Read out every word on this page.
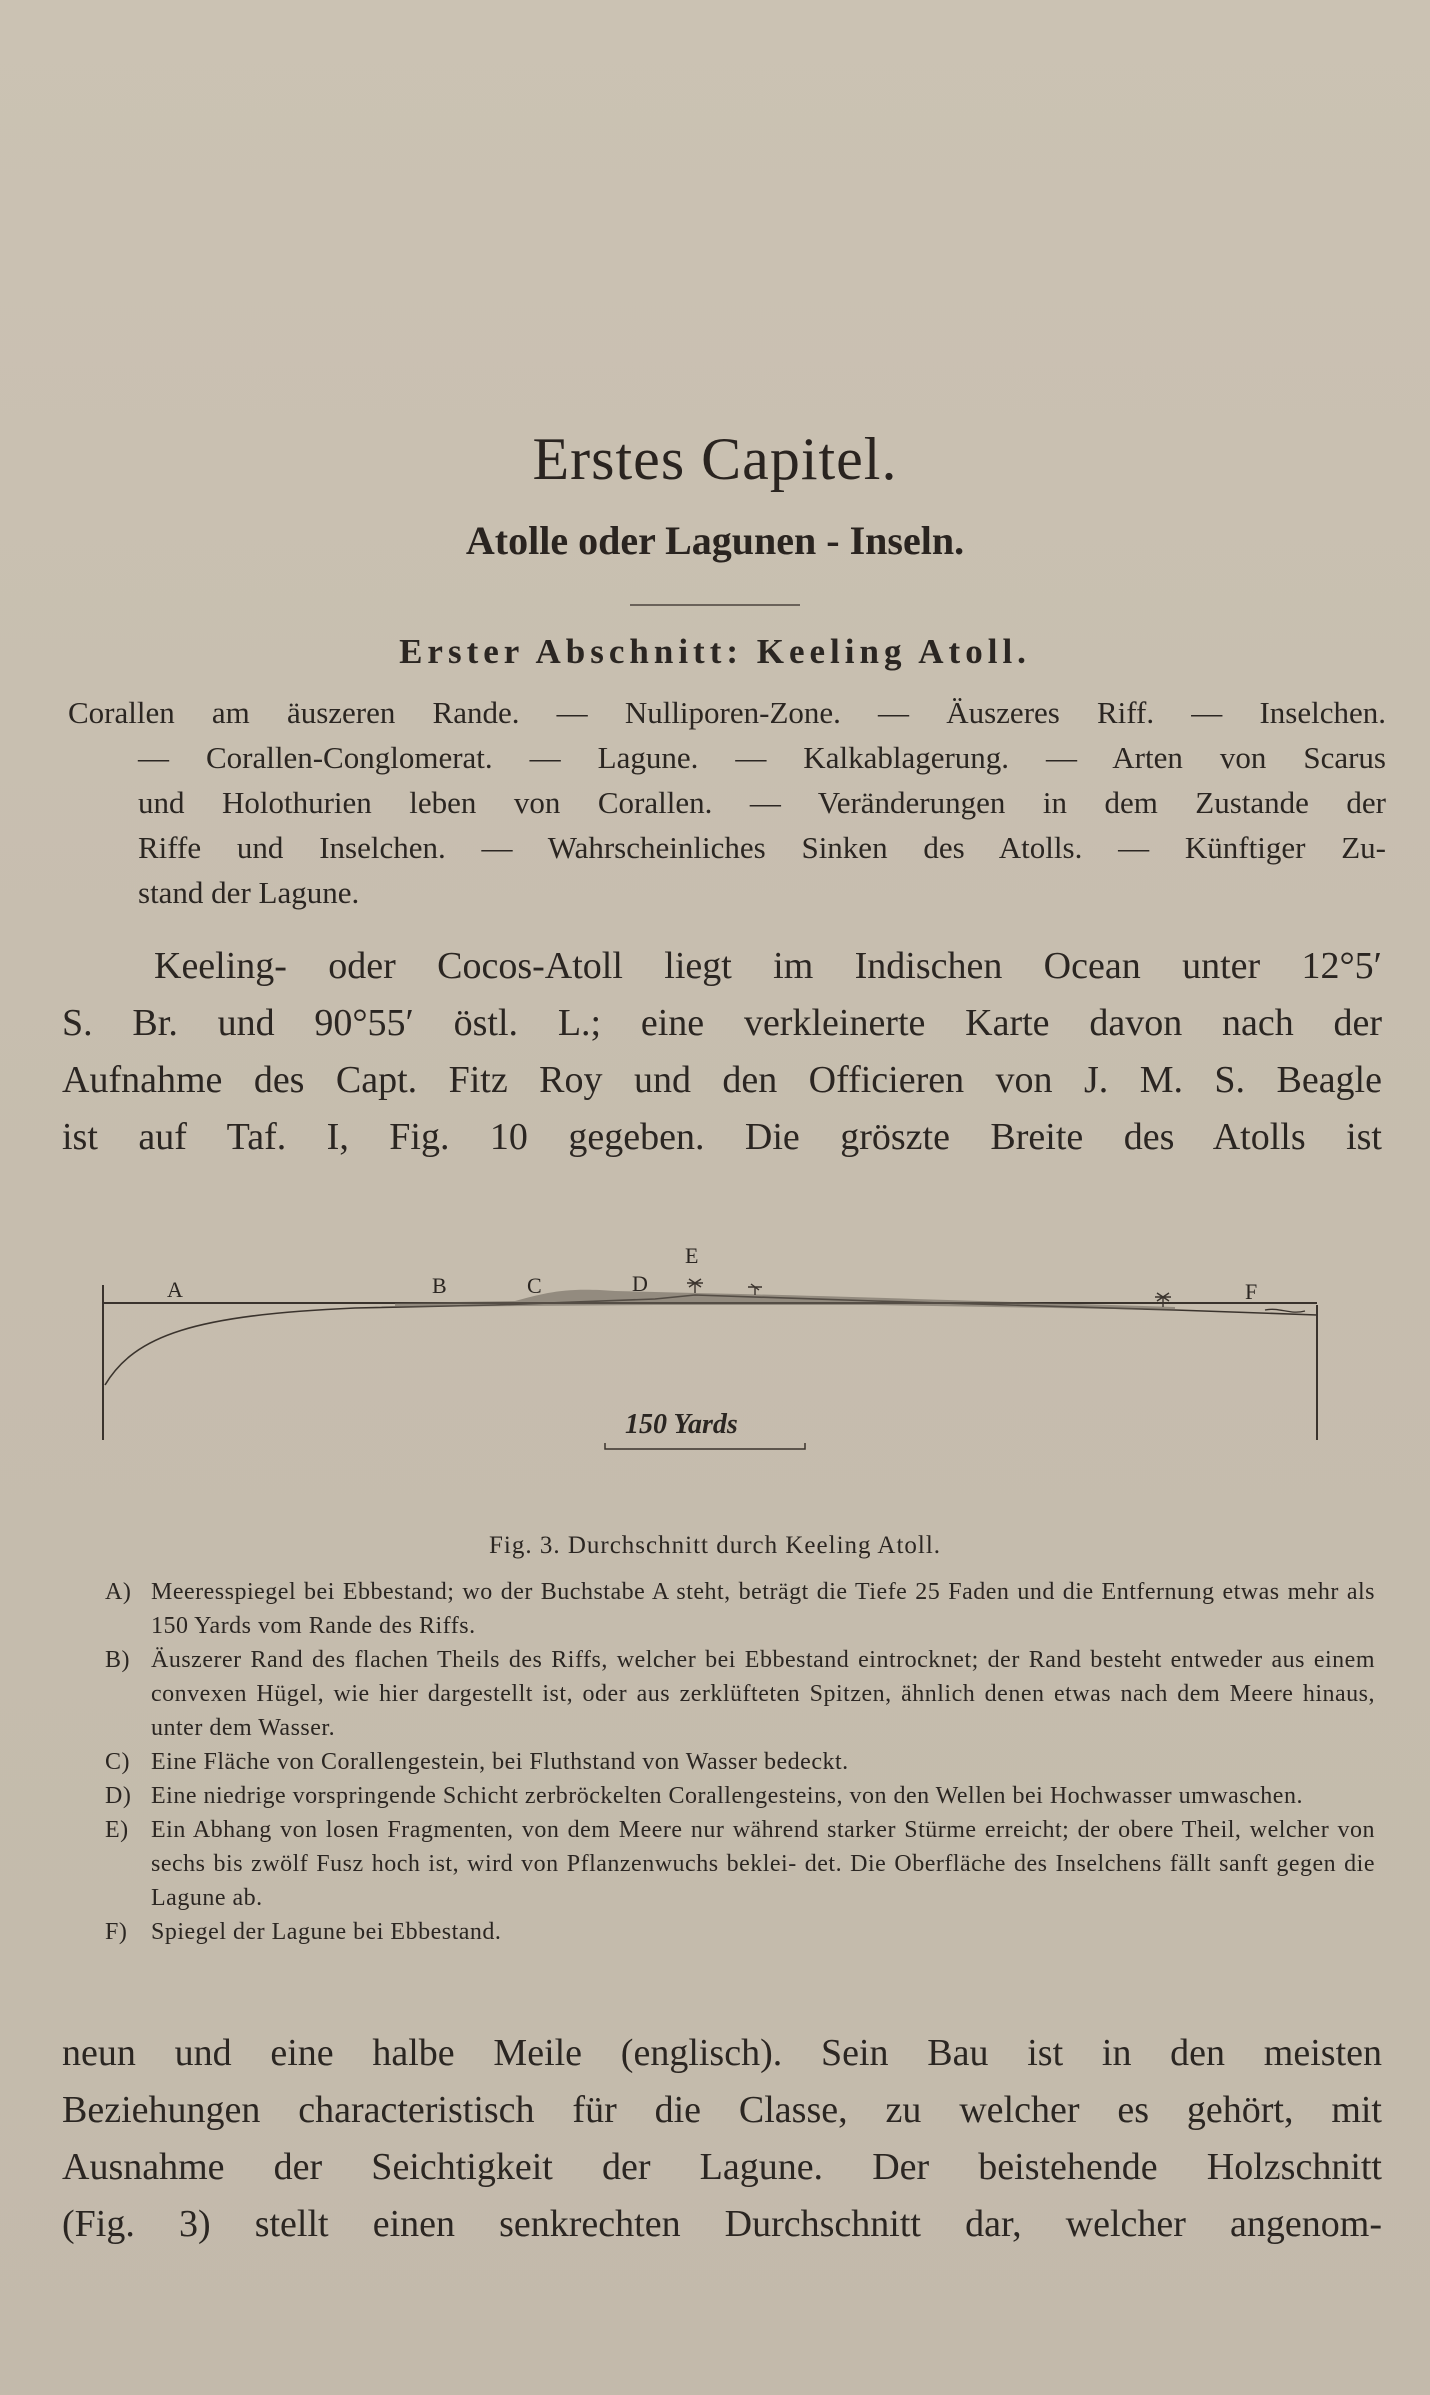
Erstes Capitel.
Atolle oder Lagunen - Inseln.
Erster Abschnitt: Keeling Atoll.
Corallen am äuszeren Rande. — Nulliporen-Zone. — Äuszeres Riff. — Inselchen.
— Corallen-Conglomerat. — Lagune. — Kalkablagerung. — Arten von Scarus
und Holothurien leben von Corallen. — Veränderungen in dem Zustande der
Riffe und Inselchen. — Wahrscheinliches Sinken des Atolls. — Künftiger Zu-
stand der Lagune.
Keeling- oder Cocos-Atoll liegt im Indischen Ocean unter 12°5′
S. Br. und 90°55′ östl. L.; eine verkleinerte Karte davon nach der
Aufnahme des Capt. Fitz Roy und den Officieren von J. M. S. Beagle
ist auf Taf. I, Fig. 10 gegeben. Die gröszte Breite des Atolls ist
A	B	C	D
E
F
150 Yards
Fig. 3. Durchschnitt durch Keeling Atoll.
A) Meeresspiegel bei Ebbestand; wo der Buchstabe A steht, beträgt die Tiefe 25 Faden und die Entfernung etwas mehr als 150 Yards vom Rande des Riffs.
B) Äuszerer Rand des flachen Theils des Riffs, welcher bei Ebbestand eintrocknet; der Rand besteht entweder aus einem convexen Hügel, wie hier dargestellt ist, oder aus zerklüfteten Spitzen, ähnlich denen etwas nach dem Meere hinaus, unter dem Wasser.
C) Eine Fläche von Corallengestein, bei Fluthstand von Wasser bedeckt.
D) Eine niedrige vorspringende Schicht zerbröckelten Corallengesteins, von den Wellen bei Hochwasser umwaschen.
E) Ein Abhang von losen Fragmenten, von dem Meere nur während starker Stürme erreicht; der obere Theil, welcher von sechs bis zwölf Fusz hoch ist, wird von Pflanzenwuchs beklei- det. Die Oberfläche des Inselchens fällt sanft gegen die Lagune ab.
F) Spiegel der Lagune bei Ebbestand.
neun und eine halbe Meile (englisch). Sein Bau ist in den meisten
Beziehungen characteristisch für die Classe, zu welcher es gehört, mit
Ausnahme der Seichtigkeit der Lagune. Der beistehende Holzschnitt
(Fig. 3) stellt einen senkrechten Durchschnitt dar, welcher angenom-
